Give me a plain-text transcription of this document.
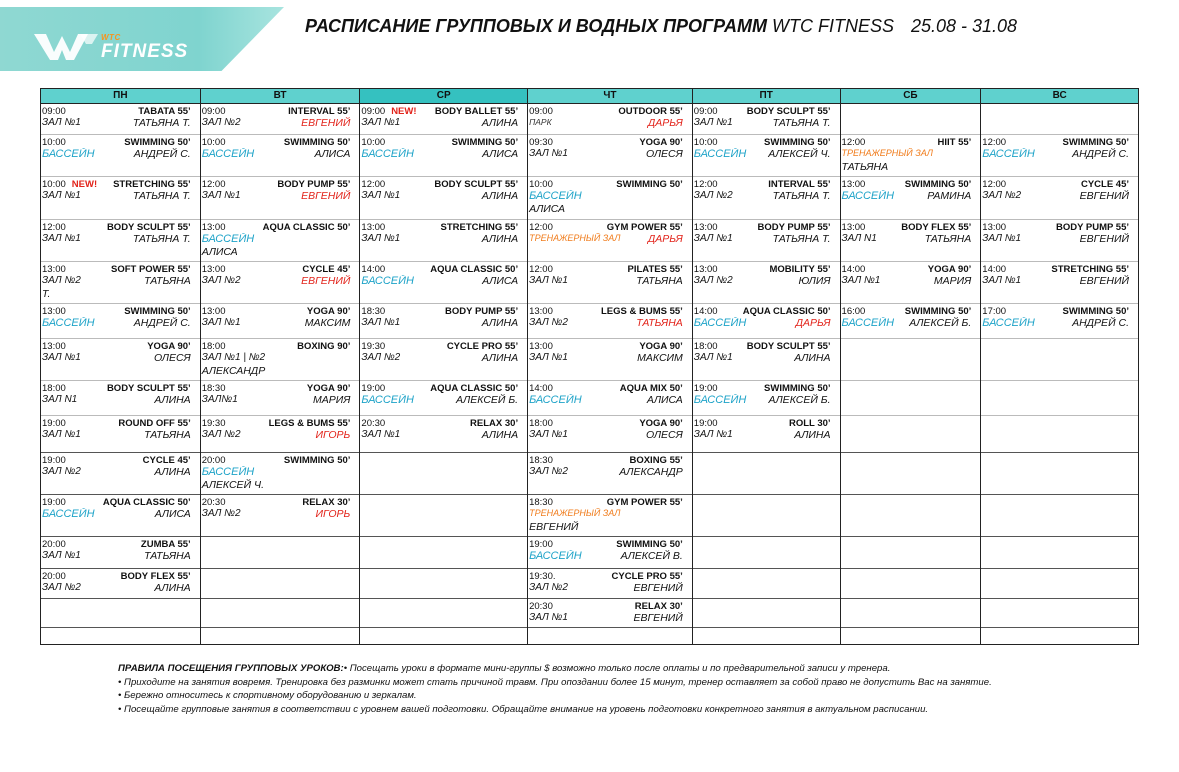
WTC
FITNESS
РАСПИСАНИЕ ГРУППОВЫХ И ВОДНЫХ ПРОГРАММ WTC FITNESS 25.08 - 31.08
ПН
09:00	TABATA 55’
ЗАЛ №1	ТАТЬЯНА Т.
10:00	SWIMMING 50’
БАССЕЙН	АНДРЕЙ С.
10:00 NEW! STRETCHING 55’
ЗАЛ №1	ТАТЬЯНА Т.
12:00	BODY SCULPT 55’
ЗАЛ №1	ТАТЬЯНА Т.
13:00	SOFT POWER 55’
ЗАЛ №2	ТАТЬЯНА
Т.
13:00	SWIMMING 50’
БАССЕЙН	АНДРЕЙ С.
13:00	YOGA 90’
ЗАЛ №1	ОЛЕСЯ
18:00	BODY SCULPT 55’
ЗАЛ N1	АЛИНА
19:00	ROUND OFF 55’
ЗАЛ №1	ТАТЬЯНА
19:00	CYCLE 45’
ЗАЛ №2	АЛИНА
19:00	AQUA CLASSIC 50’
БАССЕЙН	АЛИСА
20:00	ZUMBA 55’
ЗАЛ №1	ТАТЬЯНА
20:00	BODY FLEX 55’
ЗАЛ №2	АЛИНА
ВТ
09:00	INTERVAL 55’
ЗАЛ №2	ЕВГЕНИЙ
10:00	SWIMMING 50’
БАССЕЙН	АЛИСА
12:00	BODY PUMP 55’
ЗАЛ №1	ЕВГЕНИЙ
13:00	AQUA CLASSIC 50’
БАССЕЙН
АЛИСА
13:00	CYCLE 45’
ЗАЛ №2	ЕВГЕНИЙ
13:00	YOGA 90’
ЗАЛ №1	МАКСИМ
18:00	BOXING 90’
ЗАЛ №1 | №2
АЛЕКСАНДР
18:30	YOGA 90’
ЗАЛ№1	МАРИЯ
19:30	LEGS & BUMS 55’
ЗАЛ №2	ИГОРЬ
20:00	SWIMMING 50’
БАССЕЙН
АЛЕКСЕЙ Ч.
20:30	RELAX 30’
ЗАЛ №2	ИГОРЬ
СР
09:00 NEW! BODY BALLET 55’
ЗАЛ №1	АЛИНА
10:00	SWIMMING 50’
БАССЕЙН	АЛИСА
12:00	BODY SCULPT 55’
ЗАЛ №1	АЛИНА
13:00	STRETCHING 55’
ЗАЛ №1	АЛИНА
14:00	AQUA CLASSIC 50’
БАССЕЙН	АЛИСА
18:30	BODY PUMP 55’
ЗАЛ №1	АЛИНА
19:30	CYCLE PRO 55’
ЗАЛ №2	АЛИНА
19:00	AQUA CLASSIC 50’
БАССЕЙН	АЛЕКСЕЙ Б.
20:30	RELAX 30’
ЗАЛ №1	АЛИНА
ЧТ
09:00	OUTDOOR 55’
ПАРК	ДАРЬЯ
09:30	YOGA 90’
ЗАЛ №1	ОЛЕСЯ
10:00	SWIMMING 50’
БАССЕЙН
АЛИСА
12:00	GYM POWER 55’
ТРЕНАЖЕРНЫЙ ЗАЛ	ДАРЬЯ
12:00	PILATES 55’
ЗАЛ №1	ТАТЬЯНА
13:00	LEGS & BUMS 55’
ЗАЛ №2	ТАТЬЯНА
13:00	YOGA 90’
ЗАЛ №1	МАКСИМ
14:00	AQUA MIX 50’
БАССЕЙН	АЛИСА
18:00	YOGA 90’
ЗАЛ №1	ОЛЕСЯ
18:30	BOXING 55’
ЗАЛ №2	АЛЕКСАНДР
18:30	GYM POWER 55’
ТРЕНАЖЕРНЫЙ ЗАЛ
ЕВГЕНИЙ
19:00	SWIMMING 50’
БАССЕЙН	АЛЕКСЕЙ В.
19:30.	CYCLE PRO 55’
ЗАЛ №2	ЕВГЕНИЙ
20:30	RELAX 30’
ЗАЛ №1	ЕВГЕНИЙ
ПТ
09:00	BODY SCULPT 55’
ЗАЛ №1	ТАТЬЯНА Т.
10:00	SWIMMING 50’
БАССЕЙН АЛЕКСЕЙ Ч.
12:00	INTERVAL 55’
ЗАЛ №2	ТАТЬЯНА Т.
13:00	BODY PUMP 55’
ЗАЛ №1	ТАТЬЯНА Т.
13:00	MOBILITY 55’
ЗАЛ №2	ЮЛИЯ
14:00	AQUA CLASSIC 50’
БАССЕЙН	ДАРЬЯ
18:00	BODY SCULPT 55’
ЗАЛ №1	АЛИНА
19:00	SWIMMING 50’
БАССЕЙН АЛЕКСЕЙ Б.
19:00	ROLL 30’
ЗАЛ №1	АЛИНА
СБ
12:00	HIIT 55’
ТРЕНАЖЕРНЫЙ ЗАЛ
ТАТЬЯНА
13:00	SWIMMING 50’
БАССЕЙН	РАМИНА
13:00	BODY FLEX 55’
ЗАЛ N1	ТАТЬЯНА
14:00	YOGA 90’
ЗАЛ №1	МАРИЯ
16:00	SWIMMING 50’
БАССЕЙН АЛЕКСЕЙ Б.
ВС
12:00	SWIMMING 50’
БАССЕЙН	АНДРЕЙ С.
12:00	CYCLE 45’
ЗАЛ №2	ЕВГЕНИЙ
13:00	BODY PUMP 55’
ЗАЛ №1	ЕВГЕНИЙ
14:00	STRETCHING 55’
ЗАЛ №1	ЕВГЕНИЙ
17:00	SWIMMING 50’
БАССЕЙН	АНДРЕЙ С.
ПРАВИЛА ПОСЕЩЕНИЯ ГРУППОВЫХ УРОКОВ:• Посещать уроки в формате мини-группы $ возможно только после оплаты и по предварительной записи у тренера.
• Приходите на занятия вовремя. Тренировка без разминки может стать причиной травм. При опоздании более 15 минут, тренер оставляет за собой право не допустить Вас на занятие.
• Бережно относитесь к спортивному оборудованию и зеркалам.
• Посещайте групповые занятия в соответствии с уровнем вашей подготовки. Обращайте внимание на уровень подготовки конкретного занятия в актуальном расписании.
